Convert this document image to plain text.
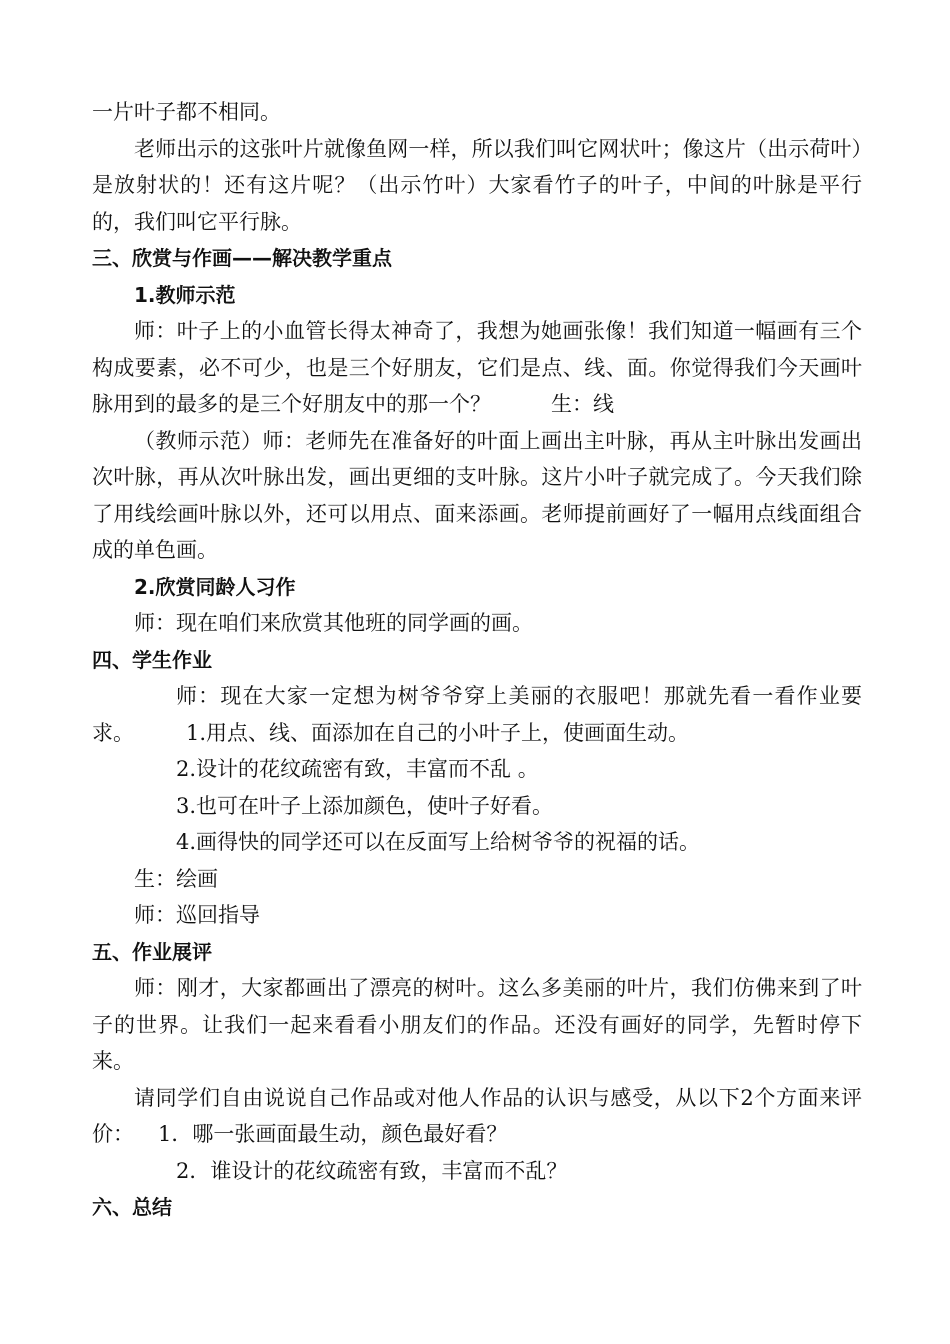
一片叶子都不相同。

老师出示的这张叶片就像鱼网一样，所以我们叫它网状叶；像这片（出示荷叶）是放射状的！还有这片呢？（出示竹叶）大家看竹子的叶子，中间的叶脉是平行的，我们叫它平行脉。

三、欣赏与作画——解决教学重点

1.教师示范

师：叶子上的小血管长得太神奇了，我想为她画张像！我们知道一幅画有三个构成要素，必不可少，也是三个好朋友，它们是点、线、面。你觉得我们今天画叶脉用到的最多的是三个好朋友中的那一个？	生：线

（教师示范）师：老师先在准备好的叶面上画出主叶脉，再从主叶脉出发画出次叶脉，再从次叶脉出发，画出更细的支叶脉。这片小叶子就完成了。今天我们除了用线绘画叶脉以外，还可以用点、面来添画。老师提前画好了一幅用点线面组合成的单色画。

2.欣赏同龄人习作

师：现在咱们来欣赏其他班的同学画的画。

四、学生作业

师：现在大家一定想为树爷爷穿上美丽的衣服吧！那就先看一看作业要求。 1.用点、线、面添加在自己的小叶子上，使画面生动。

2.设计的花纹疏密有致，丰富而不乱 。

3.也可在叶子上添加颜色，使叶子好看。

4.画得快的同学还可以在反面写上给树爷爷的祝福的话。

生：绘画

师：巡回指导

五、作业展评

师：刚才，大家都画出了漂亮的树叶。这么多美丽的叶片，我们仿佛来到了叶子的世界。让我们一起来看看小朋友们的作品。还没有画好的同学，先暂时停下来。

请同学们自由说说自己作品或对他人作品的认识与感受，从以下2个方面来评价： 1．哪一张画面最生动，颜色最好看？

2．谁设计的花纹疏密有致，丰富而不乱？

六、总结
